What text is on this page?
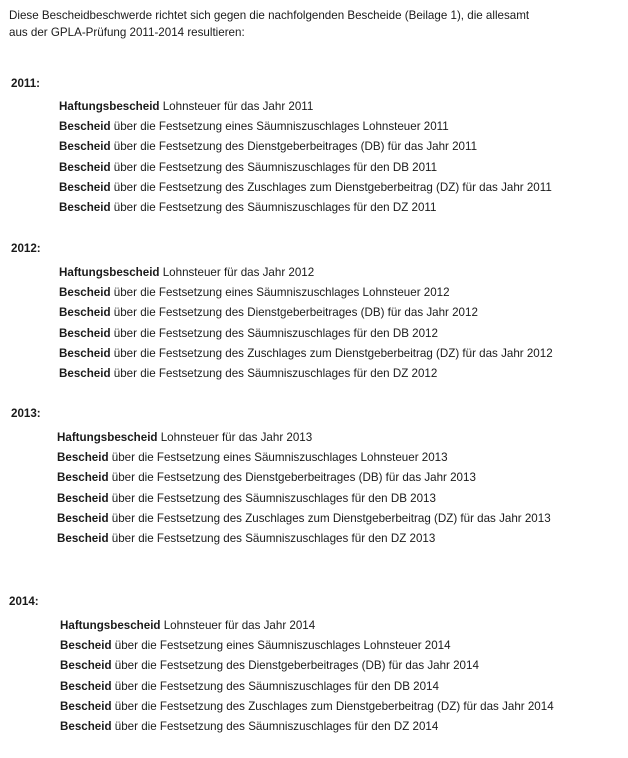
Diese Bescheidbeschwerde richtet sich gegen die nachfolgenden Bescheide (Beilage 1), die allesamt

aus der GPLA-Prüfung 2011-2014 resultieren:

2011:

Haftungsbescheid Lohnsteuer für das Jahr 2011
Bescheid über die Festsetzung eines Säumniszuschlages Lohnsteuer 2011
Bescheid über die Festsetzung des Dienstgeberbeitrages (DB) für das Jahr 2011
Bescheid über die Festsetzung des Säumniszuschlages für den DB 2011
Bescheid über die Festsetzung des Zuschlages zum Dienstgeberbeitrag (DZ) für das Jahr 2011
Bescheid über die Festsetzung des Säumniszuschlages für den DZ 2011

2012:

Haftungsbescheid Lohnsteuer für das Jahr 2012
Bescheid über die Festsetzung eines Säumniszuschlages Lohnsteuer 2012
Bescheid über die Festsetzung des Dienstgeberbeitrages (DB) für das Jahr 2012
Bescheid über die Festsetzung des Säumniszuschlages für den DB 2012
Bescheid über die Festsetzung des Zuschlages zum Dienstgeberbeitrag (DZ) für das Jahr 2012
Bescheid über die Festsetzung des Säumniszuschlages für den DZ 2012

2013:

Haftungsbescheid Lohnsteuer für das Jahr 2013
Bescheid über die Festsetzung eines Säumniszuschlages Lohnsteuer 2013
Bescheid über die Festsetzung des Dienstgeberbeitrages (DB) für das Jahr 2013
Bescheid über die Festsetzung des Säumniszuschlages für den DB 2013
Bescheid über die Festsetzung des Zuschlages zum Dienstgeberbeitrag (DZ) für das Jahr 2013
Bescheid über die Festsetzung des Säumniszuschlages für den DZ 2013

2014:

Haftungsbescheid Lohnsteuer für das Jahr 2014
Bescheid über die Festsetzung eines Säumniszuschlages Lohnsteuer 2014
Bescheid über die Festsetzung des Dienstgeberbeitrages (DB) für das Jahr 2014
Bescheid über die Festsetzung des Säumniszuschlages für den DB 2014
Bescheid über die Festsetzung des Zuschlages zum Dienstgeberbeitrag (DZ) für das Jahr 2014
Bescheid über die Festsetzung des Säumniszuschlages für den DZ 2014
